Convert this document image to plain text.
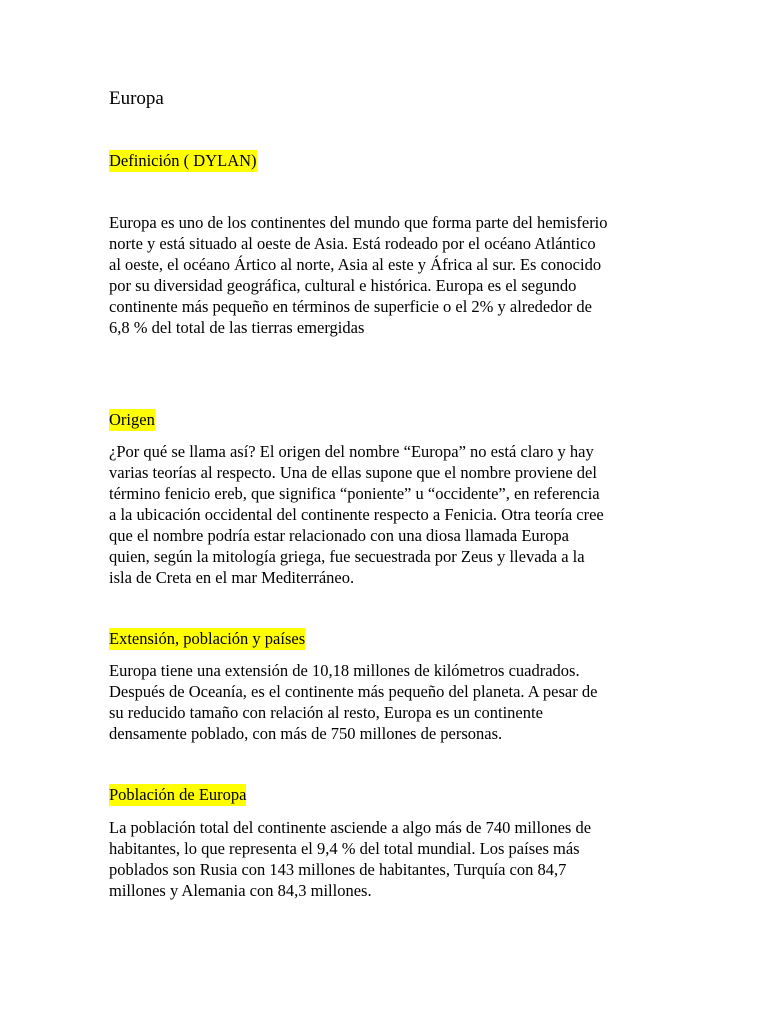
Europa
Definición ( DYLAN)
Europa es uno de los continentes del mundo que forma parte del hemisferio
norte y está situado al oeste de Asia. Está rodeado por el océano Atlántico
al oeste, el océano Ártico al norte, Asia al este y África al sur. Es conocido
por su diversidad geográfica, cultural e histórica. Europa es el segundo
continente más pequeño en términos de superficie o el 2% y alrededor de
6,8 % del total de las tierras emergidas
Origen
¿Por qué se llama así? El origen del nombre “Europa” no está claro y hay
varias teorías al respecto. Una de ellas supone que el nombre proviene del
término fenicio ereb, que significa “poniente” u “occidente”, en referencia
a la ubicación occidental del continente respecto a Fenicia. Otra teoría cree
que el nombre podría estar relacionado con una diosa llamada Europa
quien, según la mitología griega, fue secuestrada por Zeus y llevada a la
isla de Creta en el mar Mediterráneo.
Extensión, población y países
Europa tiene una extensión de 10,18 millones de kilómetros cuadrados.
Después de Oceanía, es el continente más pequeño del planeta. A pesar de
su reducido tamaño con relación al resto, Europa es un continente
densamente poblado, con más de 750 millones de personas.
Población de Europa
La población total del continente asciende a algo más de 740 millones de
habitantes, lo que representa el 9,4 % del total mundial. Los países más
poblados son Rusia con 143 millones de habitantes, Turquía con 84,7
millones y Alemania con 84,3 millones.
